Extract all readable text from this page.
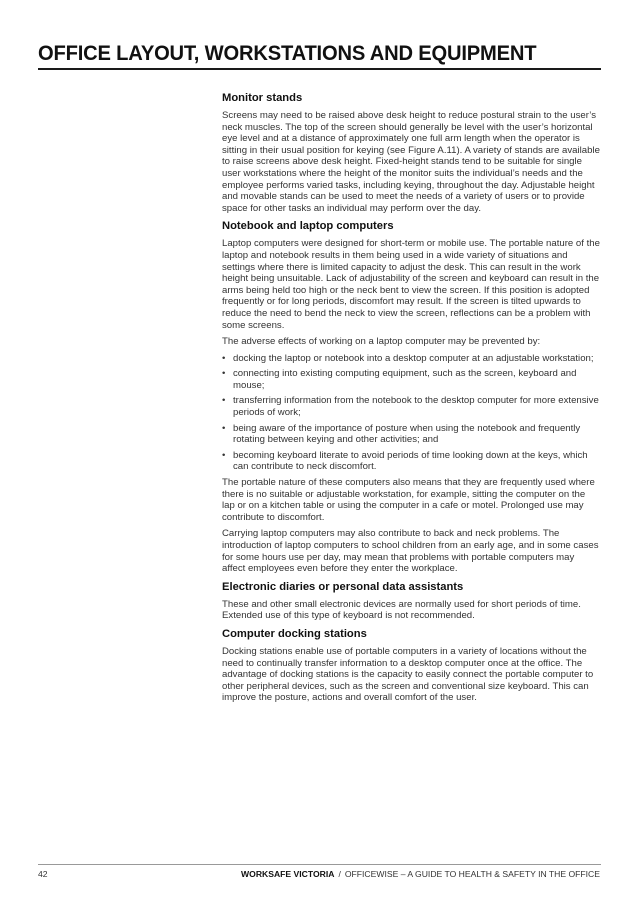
OFFICE LAYOUT, WORKSTATIONS AND EQUIPMENT
Monitor stands

Screens may need to be raised above desk height to reduce postural strain to the user’s neck muscles. The top of the screen should generally be level with the user’s horizontal eye level and at a distance of approximately one full arm length when the operator is sitting in their usual position for keying (see Figure A.11). A variety of stands are available to raise screens above desk height. Fixed-height stands tend to be suitable for single user workstations where the height of the monitor suits the individual’s needs and the employee performs varied tasks, including keying, throughout the day. Adjustable height and movable stands can be used to meet the needs of a variety of users or to provide space for other tasks an individual may perform over the day.

Notebook and laptop computers

Laptop computers were designed for short-term or mobile use. The portable nature of the laptop and notebook results in them being used in a wide variety of situations and settings where there is limited capacity to adjust the desk. This can result in the work height being unsuitable. Lack of adjustability of the screen and keyboard can result in the arms being held too high or the neck bent to view the screen. If this position is adopted frequently or for long periods, discomfort may result. If the screen is tilted upwards to reduce the need to bend the neck to view the screen, reflections can be a problem with some screens.

The adverse effects of working on a laptop computer may be prevented by:

• docking the laptop or notebook into a desktop computer at an adjustable workstation;
• connecting into existing computing equipment, such as the screen, keyboard and mouse;
• transferring information from the notebook to the desktop computer for more extensive periods of work;
• being aware of the importance of posture when using the notebook and frequently rotating between keying and other activities; and
• becoming keyboard literate to avoid periods of time looking down at the keys, which can contribute to neck discomfort.

The portable nature of these computers also means that they are frequently used where there is no suitable or adjustable workstation, for example, sitting the computer on the lap or on a kitchen table or using the computer in a cafe or motel. Prolonged use may contribute to discomfort.

Carrying laptop computers may also contribute to back and neck problems. The introduction of laptop computers to school children from an early age, and in some cases for some hours use per day, may mean that problems with portable computers may affect employees even before they enter the workplace.

Electronic diaries or personal data assistants

These and other small electronic devices are normally used for short periods of time. Extended use of this type of keyboard is not recommended.

Computer docking stations

Docking stations enable use of portable computers in a variety of locations without the need to continually transfer information to a desktop computer once at the office. The advantage of docking stations is the capacity to easily connect the portable computer to other peripheral devices, such as the screen and conventional size keyboard. This can improve the posture, actions and overall comfort of the user.

42	WORKSAFE VICTORIA / OFFICEWISE – A GUIDE TO HEALTH & SAFETY IN THE OFFICE
